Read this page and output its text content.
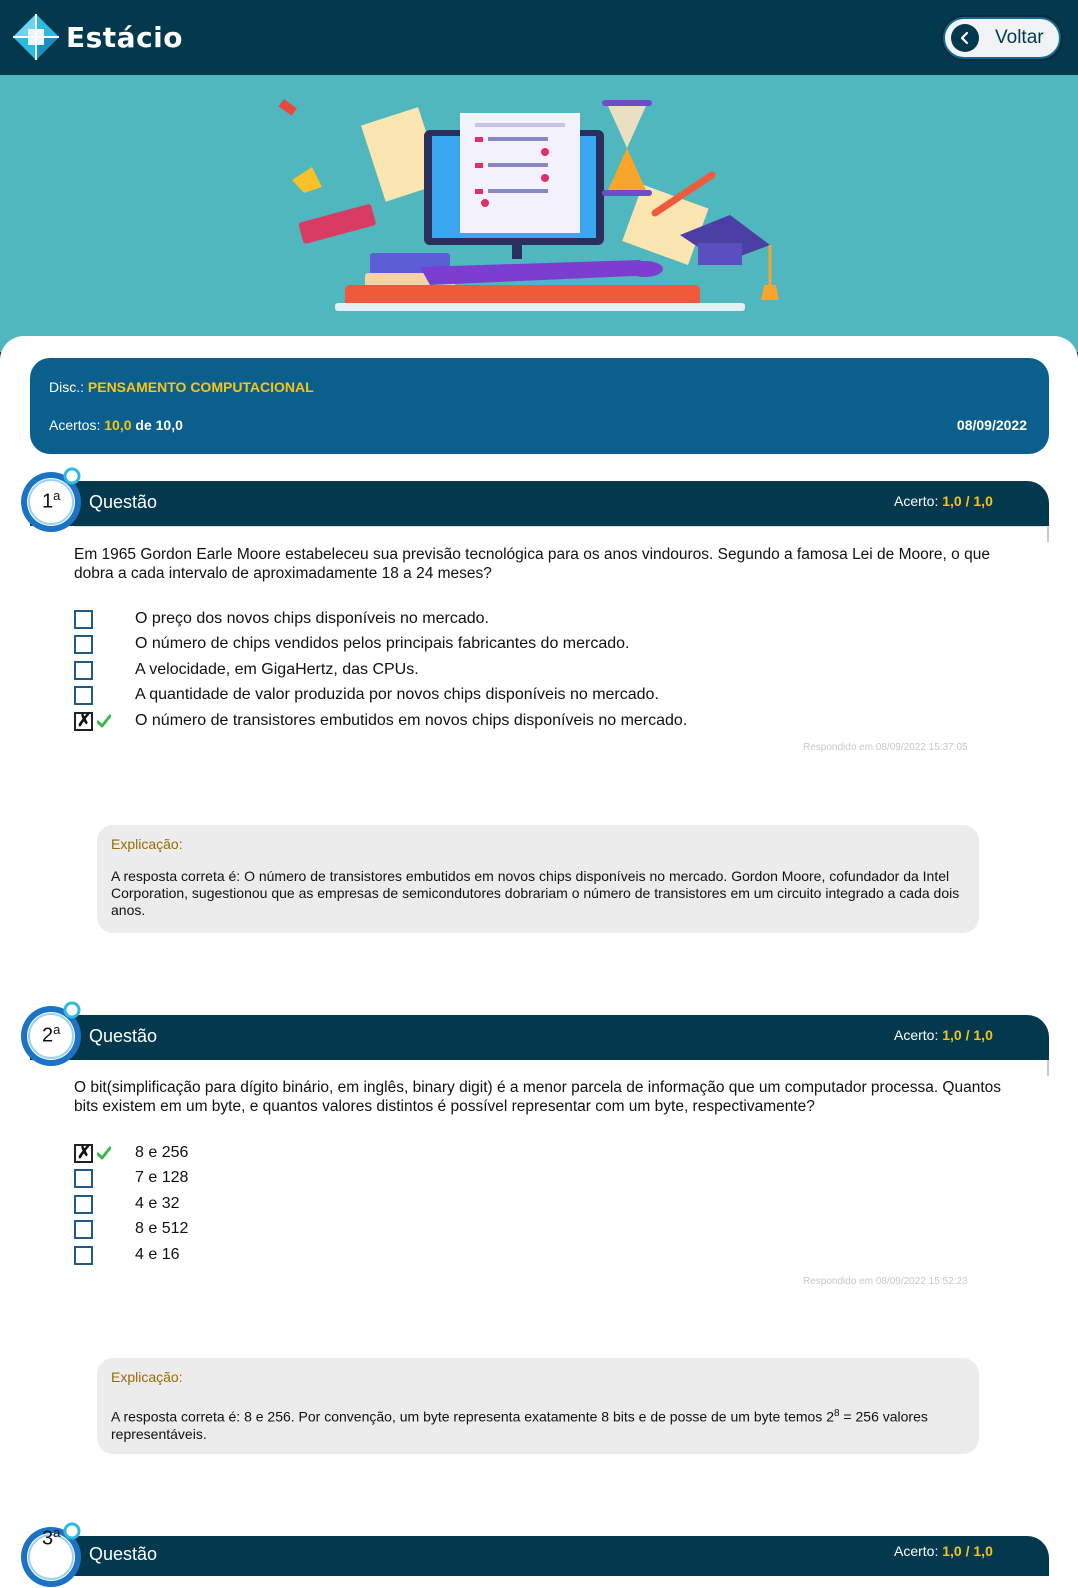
Estácio	Voltar
Disc.: PENSAMENTO COMPUTACIONAL
Acertos: 10,0 de 10,0	08/09/2022
Questão	Acerto: 1,0 / 1,0
1$^a$
Em 1965 Gordon Earle Moore estabeleceu sua previsão tecnológica para os anos vindouros. Segundo a famosa Lei de Moore, o que dobra a cada intervalo de aproximadamente 18 a 24 meses?
O preço dos novos chips disponíveis no mercado.
O número de chips vendidos pelos principais fabricantes do mercado.
A velocidade, em GigaHertz, das CPUs.
A quantidade de valor produzida por novos chips disponíveis no mercado.
✗	O número de transistores embutidos em novos chips disponíveis no mercado.
Respondido em 08/09/2022 15:37:05
Explicação:
A resposta correta é: O número de transistores embutidos em novos chips disponíveis no mercado. Gordon Moore, cofundador da Intel Corporation, sugestionou que as empresas de semicondutores dobrariam o número de transistores em um circuito integrado a cada dois anos.
Questão	Acerto: 1,0 / 1,0
2$^a$
O bit(simplificação para dígito binário, em inglês, binary digit) é a menor parcela de informação que um computador processa. Quantos bits existem em um byte, e quantos valores distintos é possível representar com um byte, respectivamente?
✗	8 e 256
7 e 128
4 e 32
8 e 512
4 e 16
Respondido em 08/09/2022 15:52:23
Explicação:
A resposta correta é: 8 e 256. Por convenção, um byte representa exatamente 8 bits e de posse de um byte temos $2^8 = 256$ valores representáveis.
Questão	Acerto: 1,0 / 1,0
3$^a$
